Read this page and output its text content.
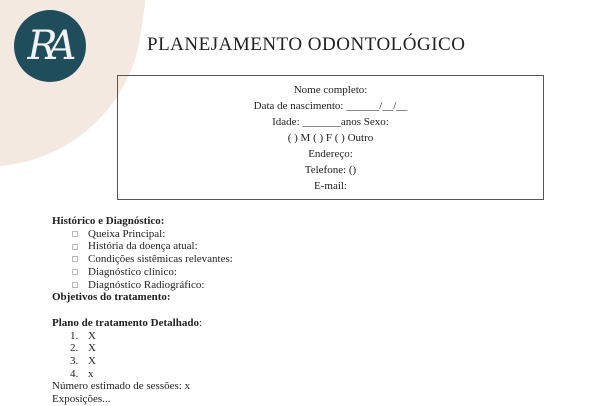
RA	PLANEJAMENTO ODONTOLÓGICO
Nome completo:
Data de nascimento: ______/__/__
Idade: _______anos Sexo:
( ) M ( ) F ( ) Outro
Endereço:
Telefone: ()
E-mail:
Histórico e Diagnóstico:
Queixa Principal:
História da doença atual:
Condições sistêmicas relevantes:
Diagnóstico clínico:
Diagnóstico Radiográfico:
Objetivos do tratamento:
Plano de tratamento Detalhado:
1. X
2. X
3. X
4. x
Número estimado de sessões: x
Exposições...
